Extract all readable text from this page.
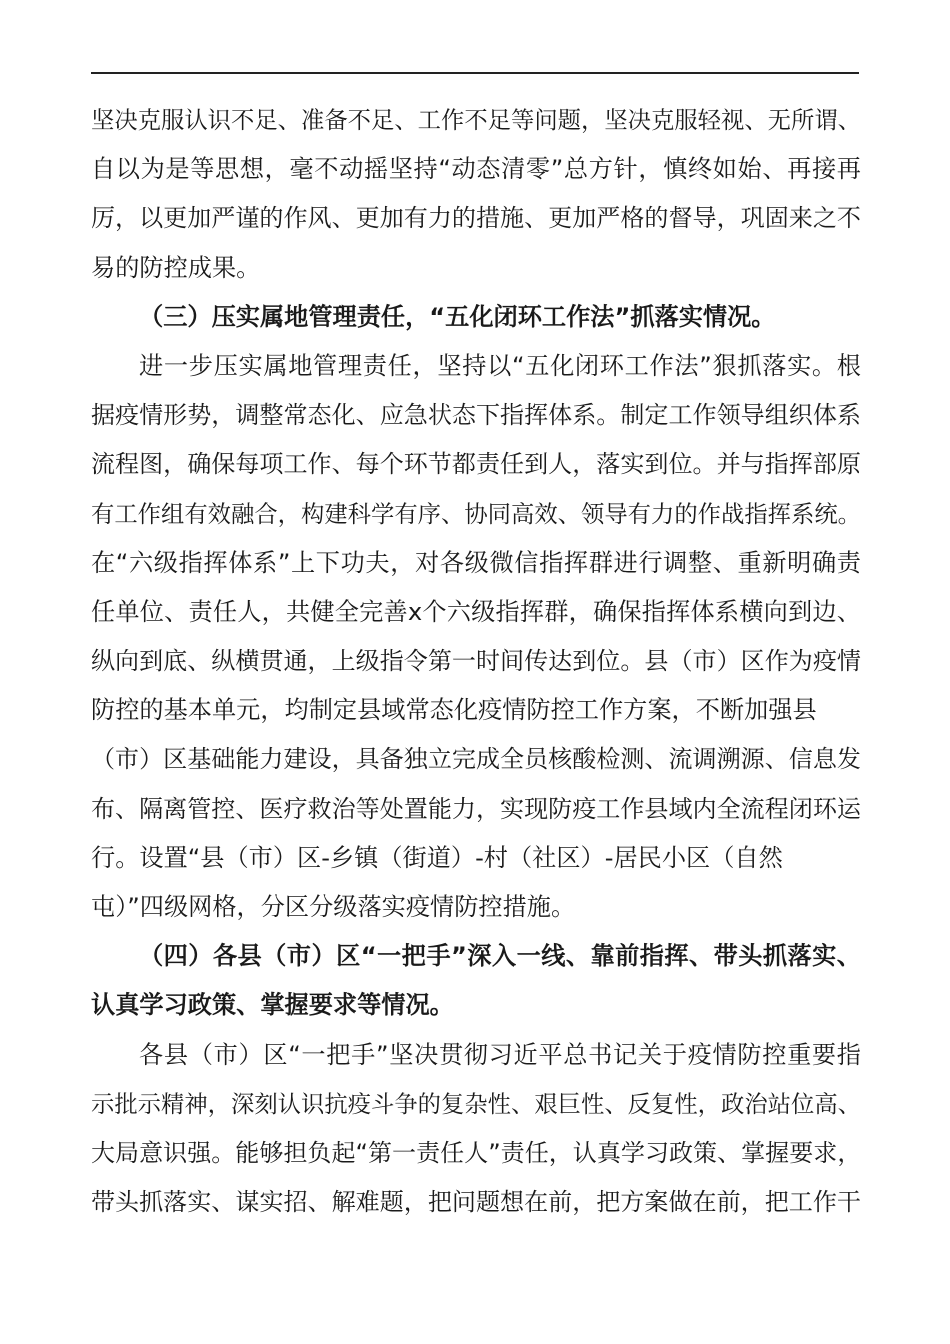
坚决克服认识不足、准备不足、工作不足等问题，坚决克服轻视、无所谓、
自以为是等思想，毫不动摇坚持“动态清零”总方针，慎终如始、再接再
厉，以更加严谨的作风、更加有力的措施、更加严格的督导，巩固来之不
易的防控成果。
（三）压实属地管理责任，“五化闭环工作法”抓落实情况。
进一步压实属地管理责任，坚持以“五化闭环工作法”狠抓落实。根
据疫情形势，调整常态化、应急状态下指挥体系。制定工作领导组织体系
流程图，确保每项工作、每个环节都责任到人，落实到位。并与指挥部原
有工作组有效融合，构建科学有序、协同高效、领导有力的作战指挥系统。
在“六级指挥体系”上下功夫，对各级微信指挥群进行调整、重新明确责
任单位、责任人，共健全完善x个六级指挥群，确保指挥体系横向到边、
纵向到底、纵横贯通，上级指令第一时间传达到位。县（市）区作为疫情
防控的基本单元，均制定县域常态化疫情防控工作方案，不断加强县
（市）区基础能力建设，具备独立完成全员核酸检测、流调溯源、信息发
布、隔离管控、医疗救治等处置能力，实现防疫工作县域内全流程闭环运
行。设置“县（市）区-乡镇（街道）-村（社区）-居民小区（自然
屯）”四级网格，分区分级落实疫情防控措施。
（四）各县（市）区“一把手”深入一线、靠前指挥、带头抓落实、
认真学习政策、掌握要求等情况。
各县（市）区“一把手”坚决贯彻习近平总书记关于疫情防控重要指
示批示精神，深刻认识抗疫斗争的复杂性、艰巨性、反复性，政治站位高、
大局意识强。能够担负起“第一责任人”责任，认真学习政策、掌握要求，
带头抓落实、谋实招、解难题，把问题想在前，把方案做在前，把工作干
